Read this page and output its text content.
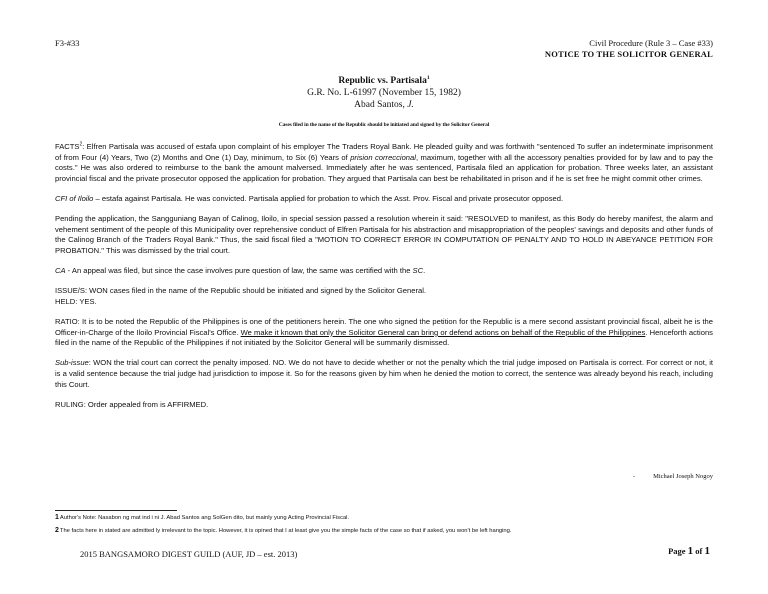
F3-#33	Civil Procedure (Rule 3 – Case #33)
NOTICE TO THE SOLICITOR GENERAL
Republic vs. Partisala$^1$
G.R. No. L-61997 (November 15, 1982)
Abad Santos, J.
Cases filed in the name of the Republic should be initiated and signed by the Solicitor General

FACTS$^2$: Elfren Partisala was accused of estafa upon complaint of his employer The Traders Royal Bank. He pleaded guilty and was forthwith "sentenced To suffer an indeterminate imprisonment of from Four (4) Years, Two (2) Months and One (1) Day, minimum, to Six (6) Years of prision correccional, maximum, together with all the accessory penalties provided for by law and to pay the costs." He was also ordered to reimburse to the bank the amount malversed. Immediately after he was sentenced, Partisala filed an application for probation. Three weeks later, an assistant provincial fiscal and the private prosecutor opposed the application for probation. They argued that Partisala can best be rehabilitated in prison and if he is set free he might commit other crimes.

CFI of Iloilo – estafa against Partisala. He was convicted. Partisala applied for probation to which the Asst. Prov. Fiscal and private prosecutor opposed.

Pending the application, the Sangguniang Bayan of Calinog, Iloilo, in special session passed a resolution wherein it said: "RESOLVED to manifest, as this Body do hereby manifest, the alarm and vehement sentiment of the people of this Municipality over reprehensive conduct of Elfren Partisala for his abstraction and misappropriation of the peoples' savings and deposits and other funds of the Calinog Branch of the Traders Royal Bank." Thus, the said fiscal filed a "MOTION TO CORRECT ERROR IN COMPUTATION OF PENALTY AND TO HOLD IN ABEYANCE PETITION FOR PROBATION." This was dismissed by the trial court.

CA - An appeal was filed, but since the case involves pure question of law, the same was certified with the SC.

ISSUE/S: WON cases filed in the name of the Republic should be initiated and signed by the Solicitor General.
HELD: YES.

RATIO: It is to be noted the Republic of the Philippines is one of the petitioners herein. The one who signed the petition for the Republic is a mere second assistant provincial fiscal, albeit he is the Officer-in-Charge of the Iloilo Provincial Fiscal's Office. We make it known that only the Solicitor General can bring or defend actions on behalf of the Republic of the Philippines. Henceforth actions filed in the name of the Republic of the Philippines if not initiated by the Solicitor General will be summarily dismissed.

Sub-issue: WON the trial court can correct the penalty imposed. NO. We do not have to decide whether or not the penalty which the trial judge imposed on Partisala is correct. For correct or not, it is a valid sentence because the trial judge had jurisdiction to impose it. So for the reasons given by him when he denied the motion to correct, the sentence was already beyond his reach, including this Court.

RULING: Order appealed from is AFFIRMED.

-	Michael Joseph Nogoy
1Author's Note: Nasabon ng mat ind i ni J. Abad Santos ang SolGen dito, but mainly yung Acting Provincial Fiscal.
2The facts here in stated are admitted ly irrelevant to the topic. However, it is opined that I at least give you the simple facts of the case so that if asked, you won't be left hanging.
2015 BANGSAMORO DIGEST GUILD (AUF, JD – est. 2013)	Page 1 of 1
